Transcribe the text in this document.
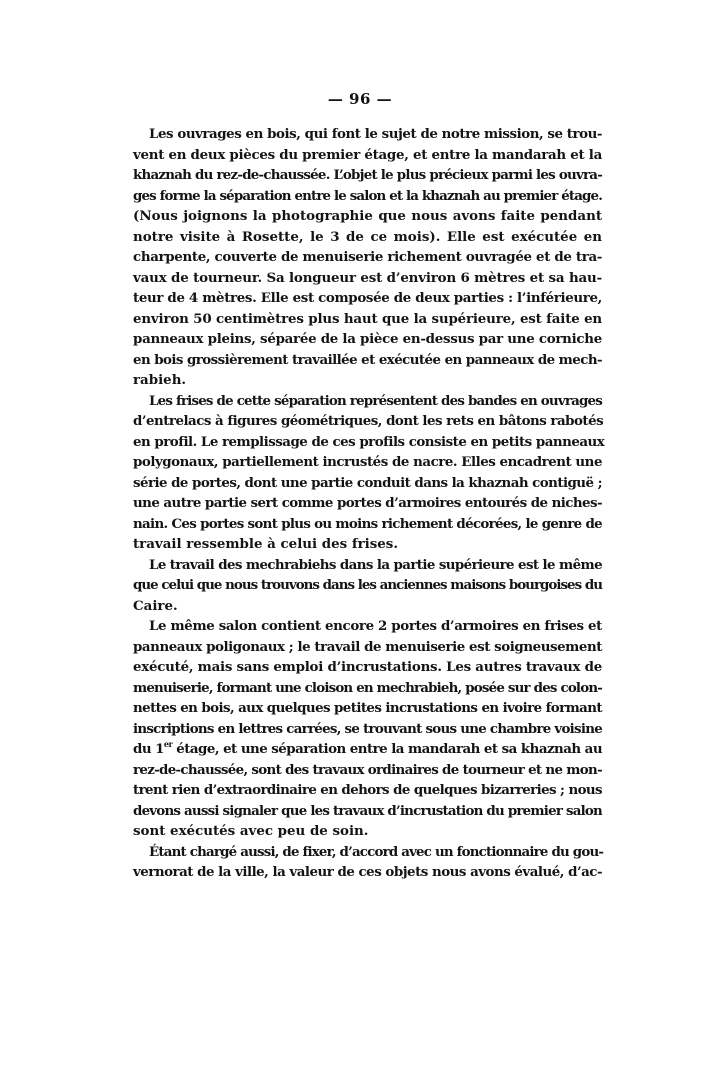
— 96 —
Les ouvrages en bois, qui font le sujet de notre mission, se trou-
vent en deux pièces du premier étage, et entre la mandarah et la
khaznah du rez-de-chaussée. L’objet le plus précieux parmi les ouvra-
ges forme la séparation entre le salon et la khaznah au premier étage.
(Nous joignons la photographie que nous avons faite pendant
notre visite à Rosette, le 3 de ce mois). Elle est exécutée en
charpente, couverte de menuiserie richement ouvragée et de tra-
vaux de tourneur. Sa longueur est d’environ 6 mètres et sa hau-
teur de 4 mètres. Elle est composée de deux parties : l’inférieure,
environ 50 centimètres plus haut que la supérieure, est faite en
panneaux pleins, séparée de la pièce en-dessus par une corniche
en bois grossièrement travaillée et exécutée en panneaux de mech-
rabieh.
Les frises de cette séparation représentent des bandes en ouvrages
d’entrelacs à figures géométriques, dont les rets en bâtons rabotés
en profil. Le remplissage de ces profils consiste en petits panneaux
polygonaux, partiellement incrustés de nacre. Elles encadrent une
série de portes, dont une partie conduit dans la khaznah contiguë ;
une autre partie sert comme portes d’armoires entourés de niches-
nain. Ces portes sont plus ou moins richement décorées, le genre de
travail ressemble à celui des frises.
Le travail des mechrabiehs dans la partie supérieure est le même
que celui que nous trouvons dans les anciennes maisons bourgoises du
Caire.
Le même salon contient encore 2 portes d’armoires en frises et
panneaux poligonaux ; le travail de menuiserie est soigneusement
exécuté, mais sans emploi d’incrustations. Les autres travaux de
menuiserie, formant une cloison en mechrabieh, posée sur des colon-
nettes en bois, aux quelques petites incrustations en ivoire formant
inscriptions en lettres carrées, se trouvant sous une chambre voisine
du 1er étage, et une séparation entre la mandarah et sa khaznah au
rez-de-chaussée, sont des travaux ordinaires de tourneur et ne mon-
trent rien d’extraordinaire en dehors de quelques bizarreries ; nous
devons aussi signaler que les travaux d’incrustation du premier salon
sont exécutés avec peu de soin.
Étant chargé aussi, de fixer, d’accord avec un fonctionnaire du gou-
vernorat de la ville, la valeur de ces objets nous avons évalué, d’ac-
